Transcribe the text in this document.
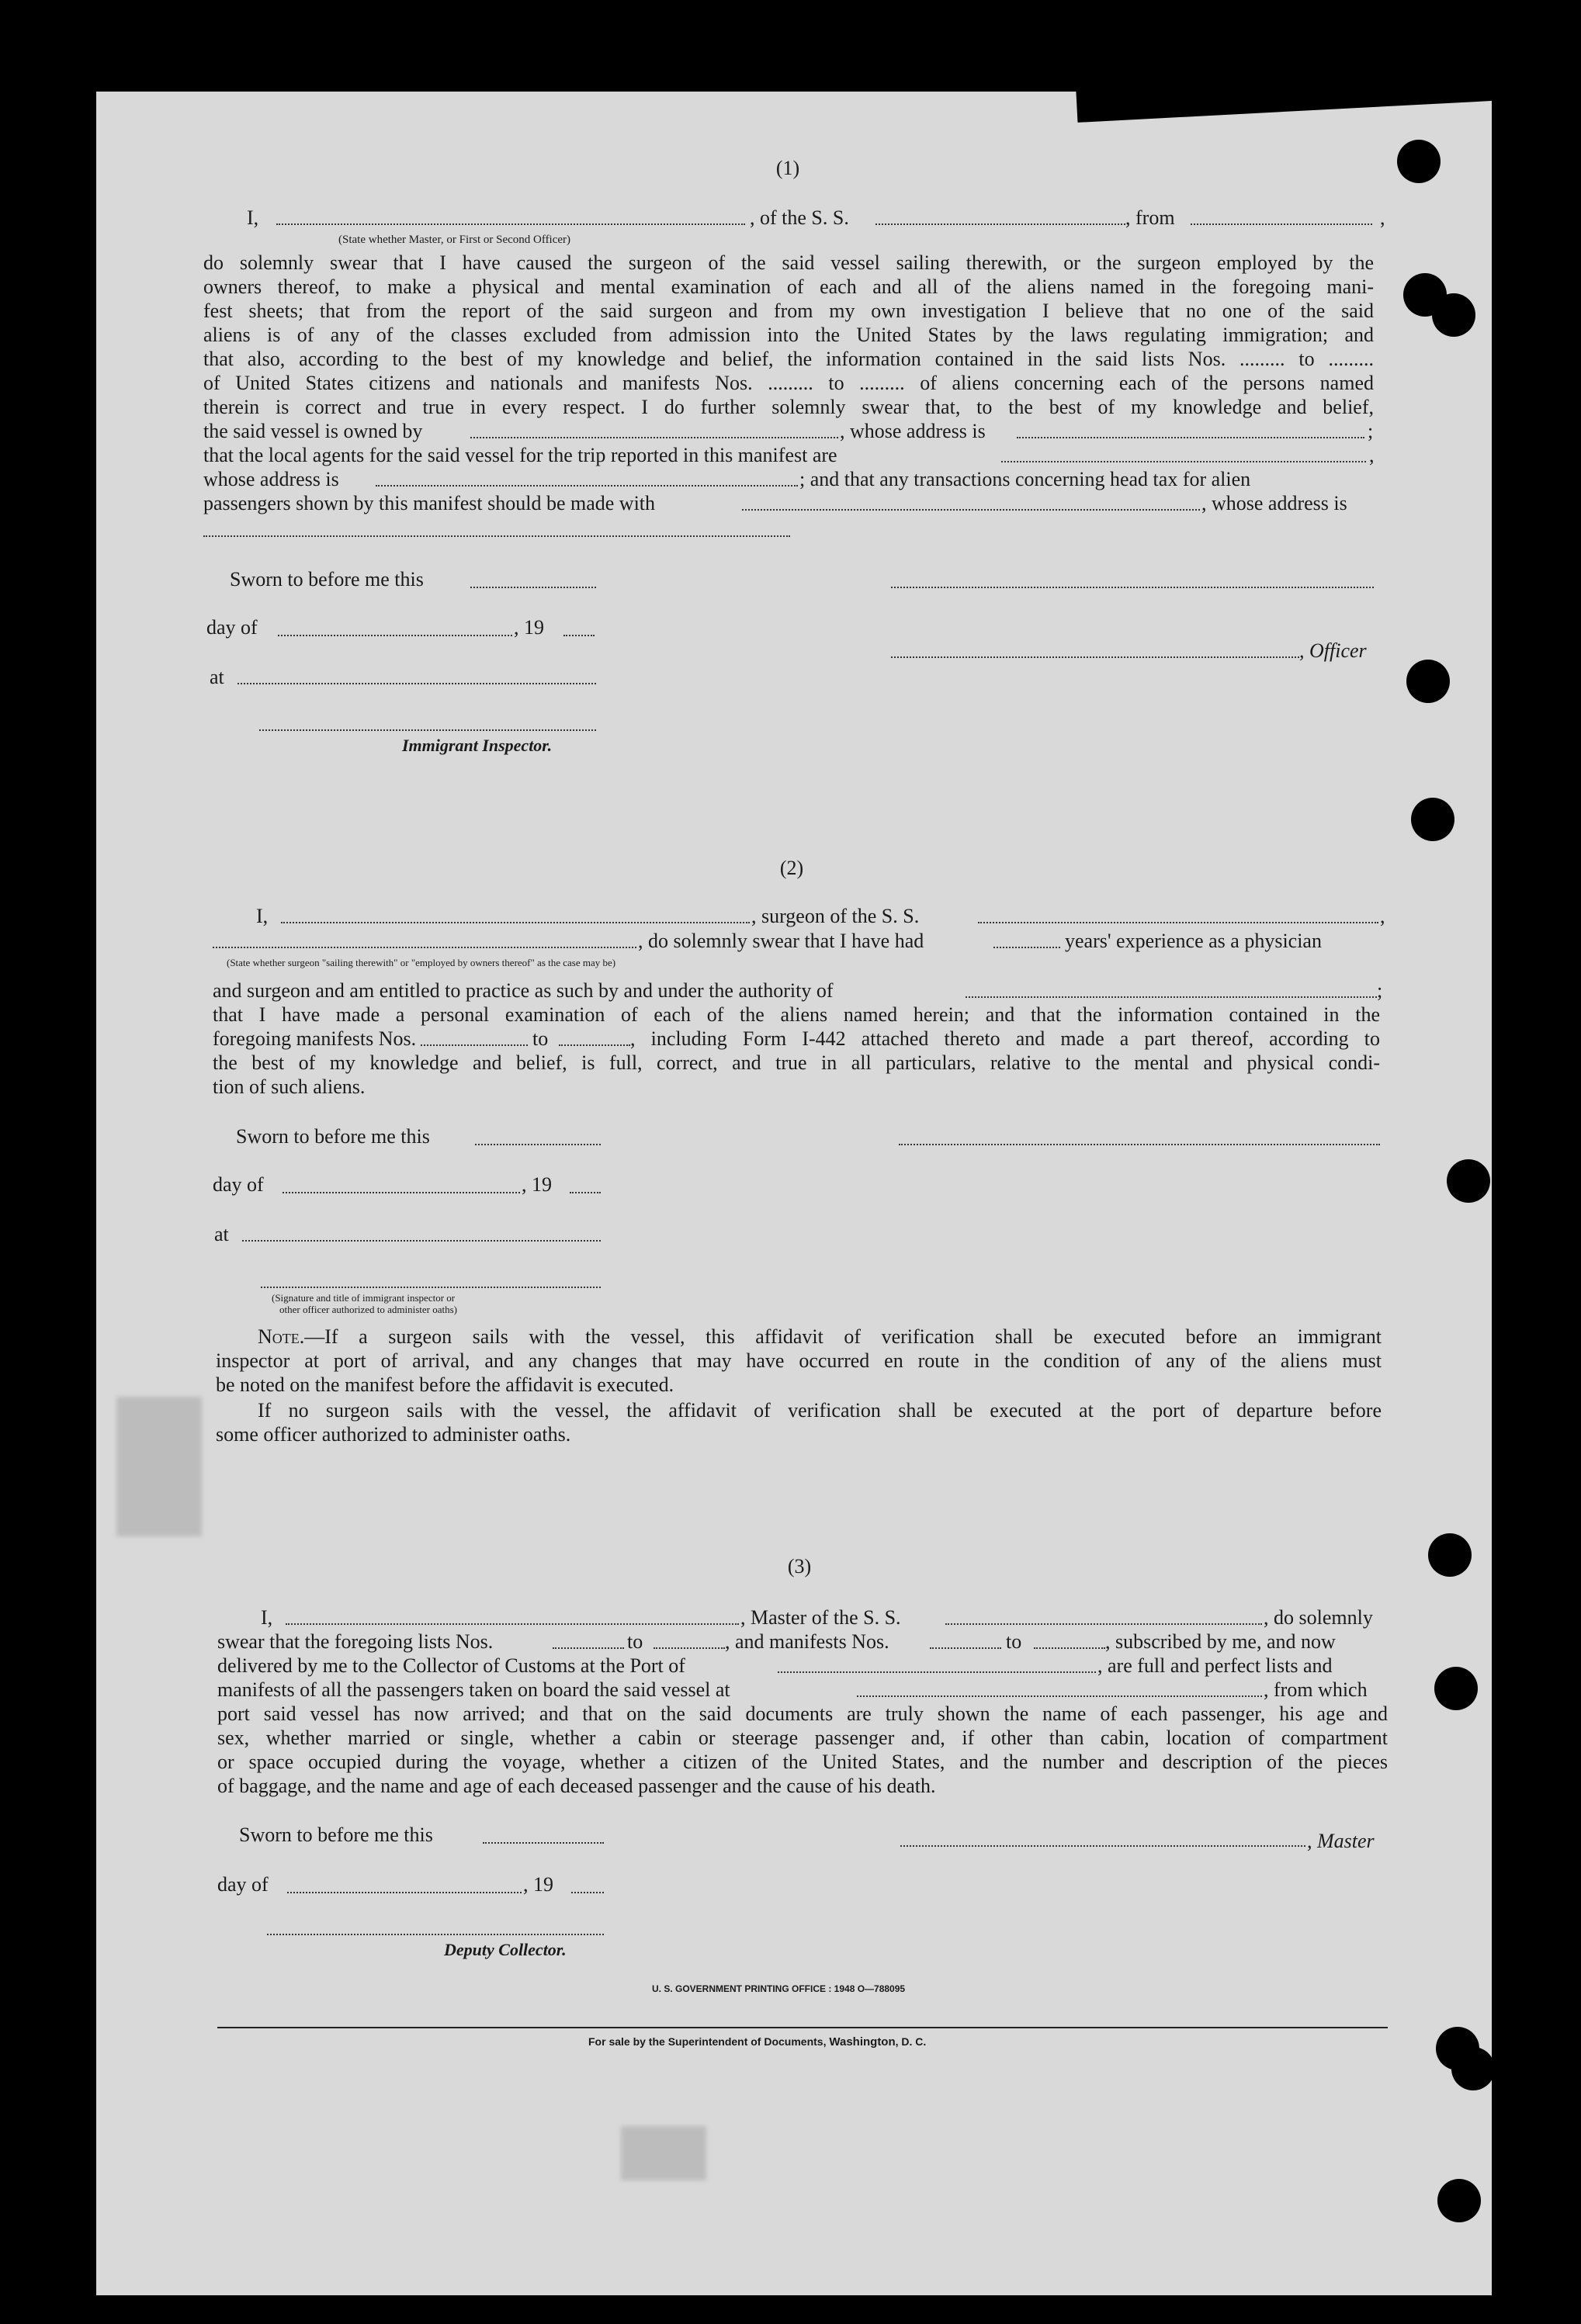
(1)
I,	, of the S. S.	, from	,
(State whether Master, or First or Second Officer)
do solemnly swear that I have caused the surgeon of the said vessel sailing therewith, or the surgeon employed by the
owners thereof, to make a physical and mental examination of each and all of the aliens named in the foregoing mani-
fest sheets; that from the report of the said surgeon and from my own investigation I believe that no one of the said
aliens is of any of the classes excluded from admission into the United States by the laws regulating immigration; and
that also, according to the best of my knowledge and belief, the information contained in the said lists Nos. ......... to .........
of United States citizens and nationals and manifests Nos. ......... to ......... of aliens concerning each of the persons named
therein is correct and true in every respect. I do further solemnly swear that, to the best of my knowledge and belief,
the said vessel is owned by	, whose address is	;
that the local agents for the said vessel for the trip reported in this manifest are	,
whose address is	; and that any transactions concerning head tax for alien
passengers shown by this manifest should be made with	, whose address is
Sworn to before me this
day of	, 19
, Officer
at
Immigrant Inspector.
(2)
I,	, surgeon of the S. S.	,
, do solemnly swear that I have had	years' experience as a physician
(State whether surgeon "sailing therewith" or "employed by owners thereof" as the case may be)
and surgeon and am entitled to practice as such by and under the authority of	;
that I have made a personal examination of each of the aliens named herein; and that the information contained in the
foregoing manifests Nos.	to	, including Form I-442 attached thereto and made a part thereof, according to
the best of my knowledge and belief, is full, correct, and true in all particulars, relative to the mental and physical condi-
tion of such aliens.
Sworn to before me this
day of	, 19
at
(Signature and title of immigrant inspector or
other officer authorized to administer oaths)
Note.—If a surgeon sails with the vessel, this affidavit of verification shall be executed before an immigrant
inspector at port of arrival, and any changes that may have occurred en route in the condition of any of the aliens must
be noted on the manifest before the affidavit is executed.
If no surgeon sails with the vessel, the affidavit of verification shall be executed at the port of departure before
some officer authorized to administer oaths.
(3)
I,	, Master of the S. S.	, do solemnly
swear that the foregoing lists Nos.	to	, and manifests Nos.	to	, subscribed by me, and now
delivered by me to the Collector of Customs at the Port of	, are full and perfect lists and
manifests of all the passengers taken on board the said vessel at	, from which
port said vessel has now arrived; and that on the said documents are truly shown the name of each passenger, his age and
sex, whether married or single, whether a cabin or steerage passenger and, if other than cabin, location of compartment
or space occupied during the voyage, whether a citizen of the United States, and the number and description of the pieces
of baggage, and the name and age of each deceased passenger and the cause of his death.
Sworn to before me this	, Master
day of	, 19
Deputy Collector.
U. S. GOVERNMENT PRINTING OFFICE : 1948 O—788095
For sale by the Superintendent of Documents, Washington, D. C.
